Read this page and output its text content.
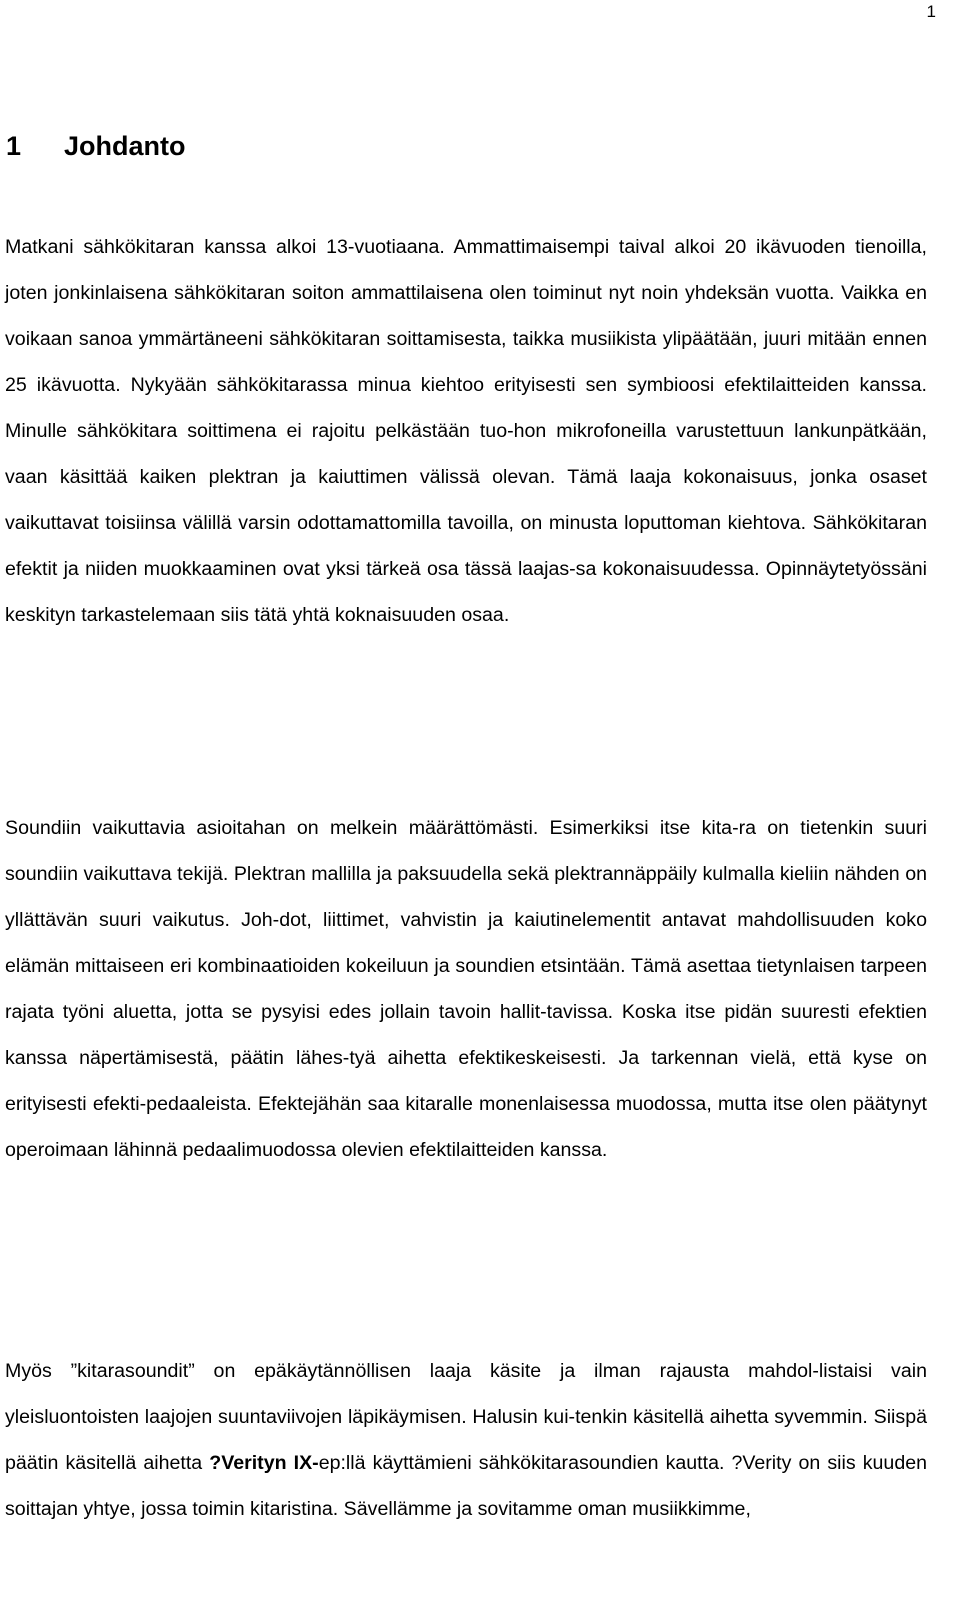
1
1 Johdanto

Matkani sähkökitaran kanssa alkoi 13-vuotiaana. Ammattimaisempi taival alkoi 20 ikävuoden tienoilla, joten jonkinlaisena sähkökitaran soiton ammattilaisena olen toiminut nyt noin yhdeksän vuotta. Vaikka en voikaan sanoa ymmärtäneeni sähkökitaran soittamisesta, taikka musiikista ylipäätään, juuri mitään ennen 25 ikävuotta. Nykyään sähkökitarassa minua kiehtoo erityisesti sen symbioosi efektilaitteiden kanssa. Minulle sähkökitara soittimena ei rajoitu pelkästään tuo-hon mikrofoneilla varustettuun lankunpätkään, vaan käsittää kaiken plektran ja kaiuttimen välissä olevan. Tämä laaja kokonaisuus, jonka osaset vaikuttavat toisiinsa välillä varsin odottamattomilla tavoilla, on minusta loputtoman kiehtova. Sähkökitaran efektit ja niiden muokkaaminen ovat yksi tärkeä osa tässä laajas-sa kokonaisuudessa. Opinnäytetyössäni keskityn tarkastelemaan siis tätä yhtä koknaisuuden osaa.

Soundiin vaikuttavia asioitahan on melkein määrättömästi. Esimerkiksi itse kita-ra on tietenkin suuri soundiin vaikuttava tekijä. Plektran mallilla ja paksuudella sekä plektrannäppäily kulmalla kieliin nähden on yllättävän suuri vaikutus. Joh-dot, liittimet, vahvistin ja kaiutinelementit antavat mahdollisuuden koko elämän mittaiseen eri kombinaatioiden kokeiluun ja soundien etsintään. Tämä asettaa tietynlaisen tarpeen rajata työni aluetta, jotta se pysyisi edes jollain tavoin hallit-tavissa. Koska itse pidän suuresti efektien kanssa näpertämisestä, päätin lähes-tyä aihetta efektikeskeisesti. Ja tarkennan vielä, että kyse on erityisesti efekti-pedaaleista. Efektejähän saa kitaralle monenlaisessa muodossa, mutta itse olen päätynyt operoimaan lähinnä pedaalimuodossa olevien efektilaitteiden kanssa.

Myös ”kitarasoundit” on epäkäytännöllisen laaja käsite ja ilman rajausta mahdol-listaisi vain yleisluontoisten laajojen suuntaviivojen läpikäymisen. Halusin kui-tenkin käsitellä aihetta syvemmin. Siispä päätin käsitellä aihetta ?Verityn IX-ep:llä käyttämieni sähkökitarasoundien kautta. ?Verity on siis kuuden soittajan yhtye, jossa toimin kitaristina. Sävellämme ja sovitamme oman musiikkimme,
